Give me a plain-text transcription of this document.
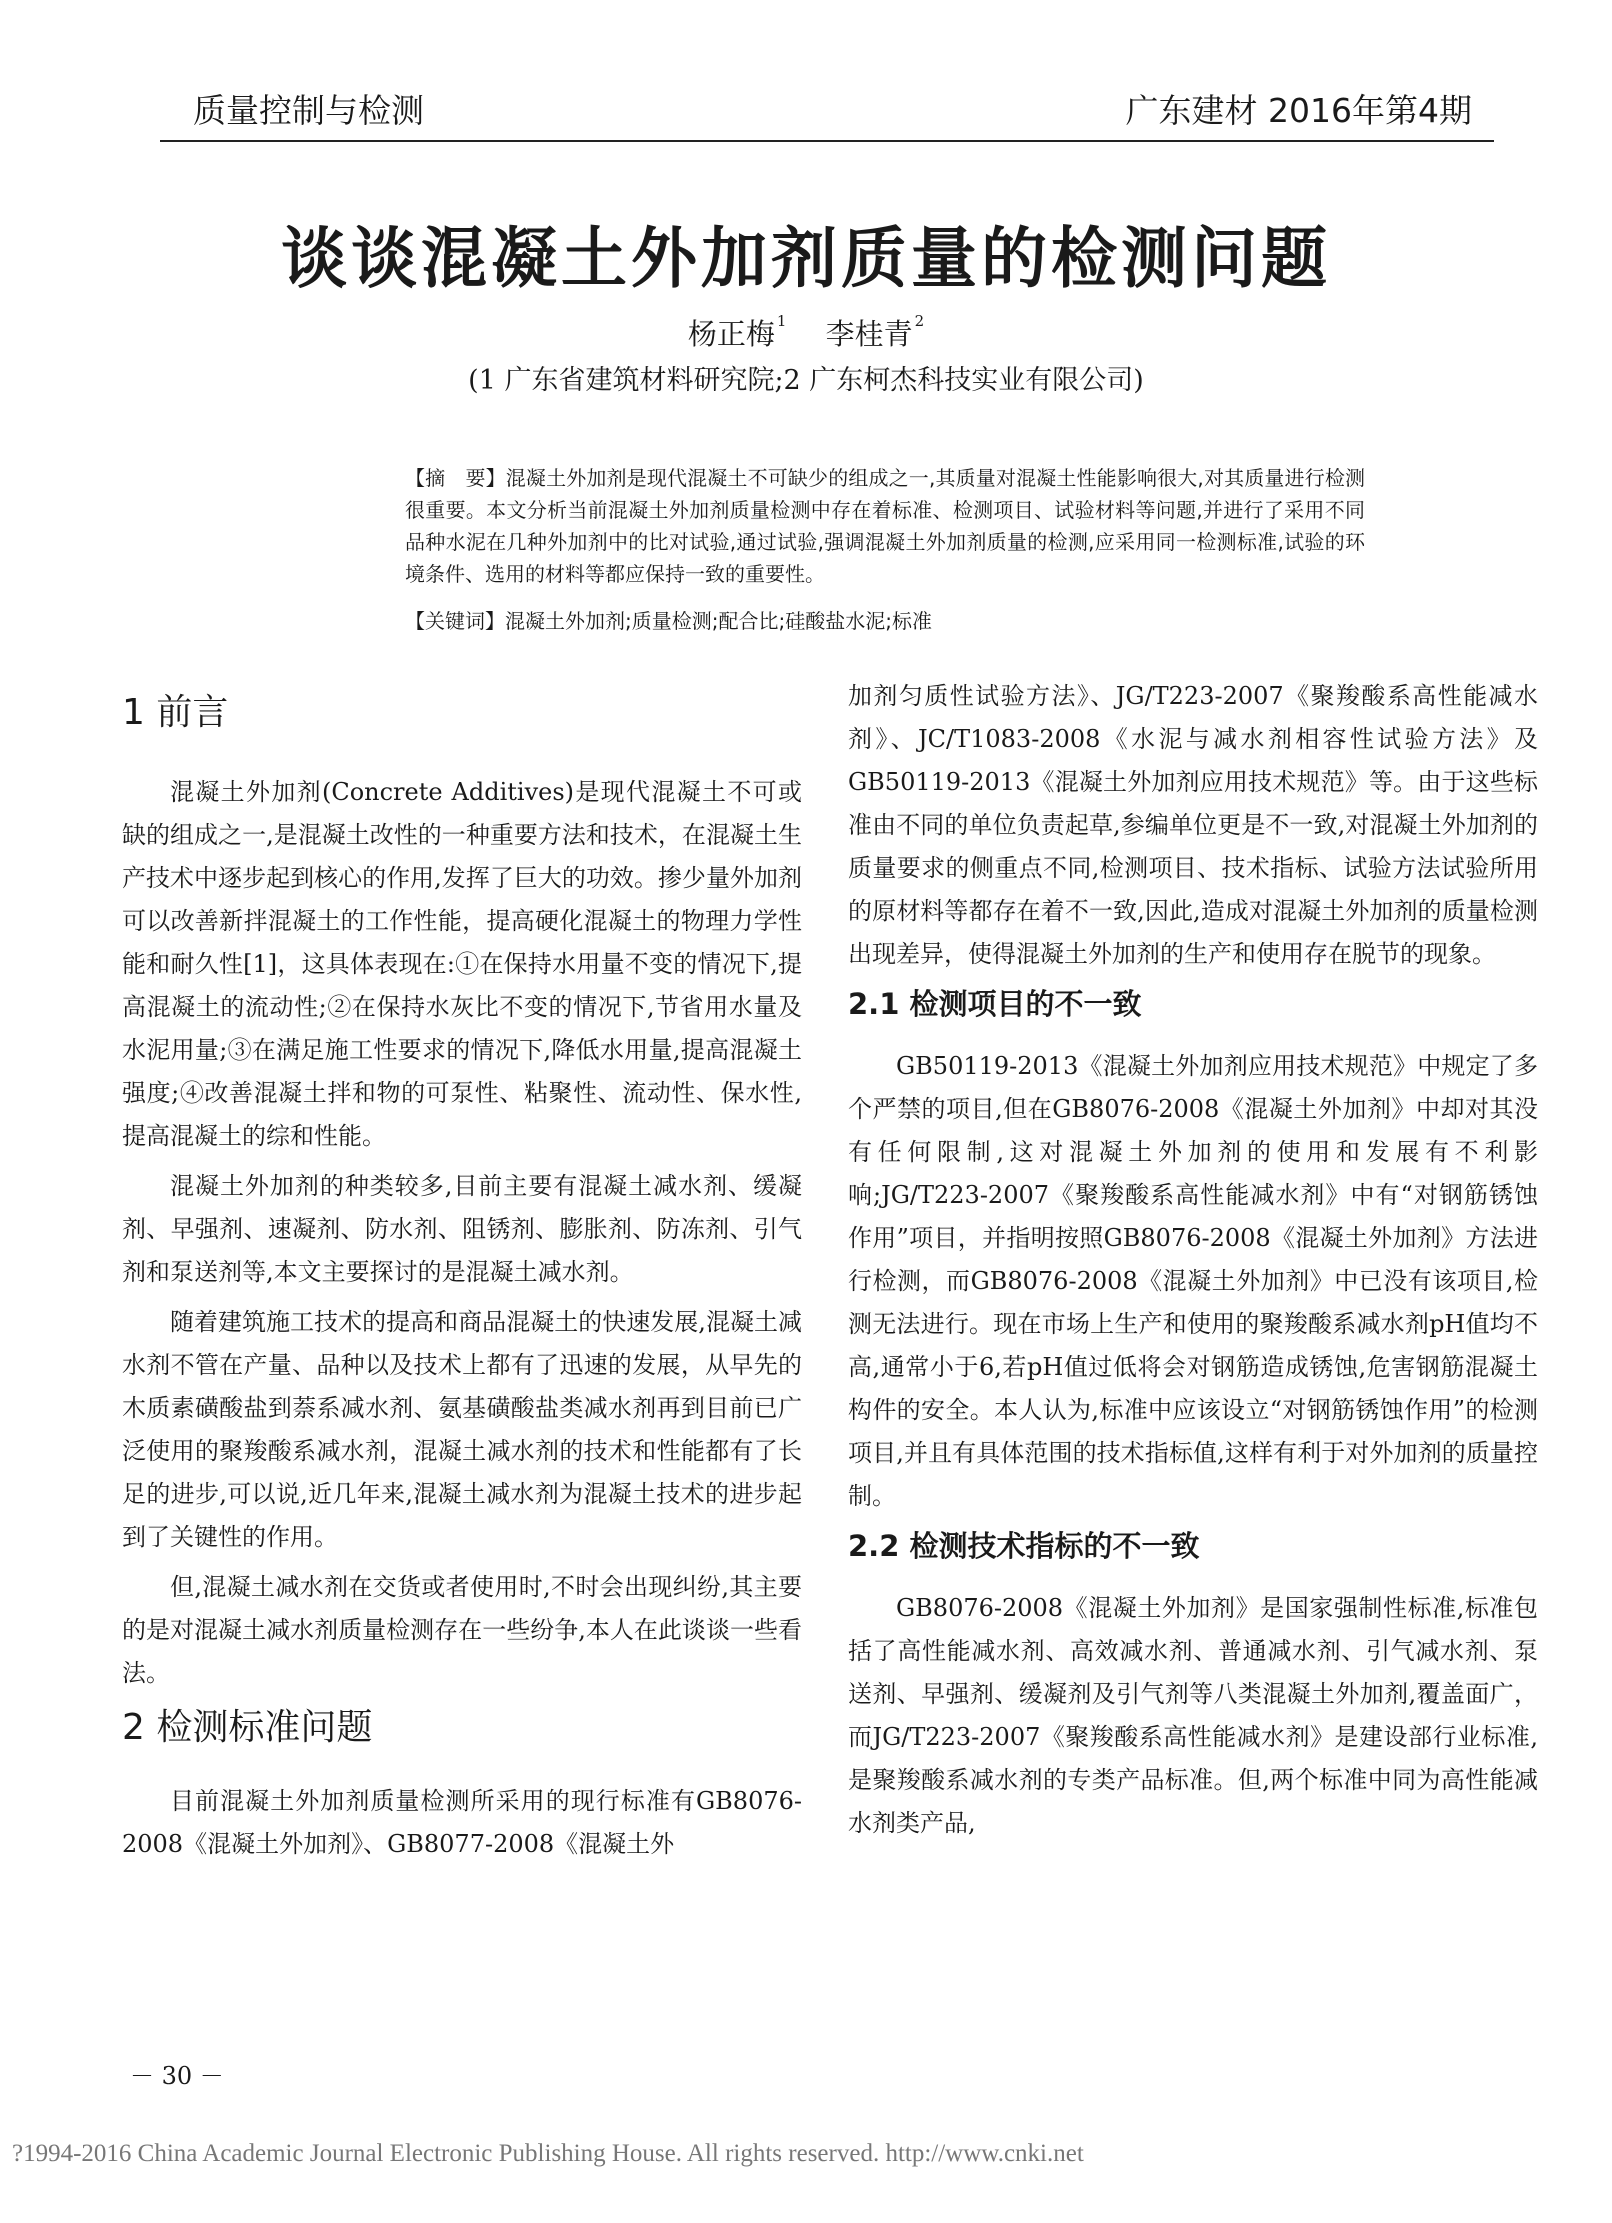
质量控制与检测	广东建材 2016年第4期
谈谈混凝土外加剂质量的检测问题
杨正梅 $^1$ 李桂青 $^2$
(1 广东省建筑材料研究院;2 广东柯杰科技实业有限公司)
【摘　要】混凝土外加剂是现代混凝土不可缺少的组成之一,其质量对混凝土性能影响很大,对其质量进行检测很重要。本文分析当前混凝土外加剂质量检测中存在着标准、检测项目、试验材料等问题,并进行了采用不同品种水泥在几种外加剂中的比对试验,通过试验,强调混凝土外加剂质量的检测,应采用同一检测标准,试验的环境条件、选用的材料等都应保持一致的重要性。
【关键词】混凝土外加剂;质量检测;配合比;硅酸盐水泥;标准
1 前言

混凝土外加剂(Concrete Additives)是现代混凝土不可或缺的组成之一,是混凝土改性的一种重要方法和技术，在混凝土生产技术中逐步起到核心的作用,发挥了巨大的功效。掺少量外加剂可以改善新拌混凝土的工作性能，提高硬化混凝土的物理力学性能和耐久性[1]，这具体表现在:①在保持水用量不变的情况下,提高混凝土的流动性;②在保持水灰比不变的情况下,节省用水量及水泥用量;③在满足施工性要求的情况下,降低水用量,提高混凝土强度;④改善混凝土拌和物的可泵性、粘聚性、流动性、保水性,提高混凝土的综和性能。

混凝土外加剂的种类较多,目前主要有混凝土减水剂、缓凝剂、早强剂、速凝剂、防水剂、阻锈剂、膨胀剂、防冻剂、引气剂和泵送剂等,本文主要探讨的是混凝土减水剂。

随着建筑施工技术的提高和商品混凝土的快速发展,混凝土减水剂不管在产量、品种以及技术上都有了迅速的发展，从早先的木质素磺酸盐到萘系减水剂、氨基磺酸盐类减水剂再到目前已广泛使用的聚羧酸系减水剂，混凝土减水剂的技术和性能都有了长足的进步,可以说,近几年来,混凝土减水剂为混凝土技术的进步起到了关键性的作用。

但,混凝土减水剂在交货或者使用时,不时会出现纠纷,其主要的是对混凝土减水剂质量检测存在一些纷争,本人在此谈谈一些看法。

2 检测标准问题

目前混凝土外加剂质量检测所采用的现行标准有GB8076-2008《混凝土外加剂》、GB8077-2008《混凝土外

加剂匀质性试验方法》、JG/T223-2007《聚羧酸系高性能减水剂》、JC/T1083-2008《水泥与减水剂相容性试验方法》及GB50119-2013《混凝土外加剂应用技术规范》等。由于这些标准由不同的单位负责起草,参编单位更是不一致,对混凝土外加剂的质量要求的侧重点不同,检测项目、技术指标、试验方法试验所用的原材料等都存在着不一致,因此,造成对混凝土外加剂的质量检测出现差异，使得混凝土外加剂的生产和使用存在脱节的现象。

2.1 检测项目的不一致

GB50119-2013《混凝土外加剂应用技术规范》中规定了多个严禁的项目,但在GB8076-2008《混凝土外加剂》中却对其没有任何限制,这对混凝土外加剂的使用和发展有不利影响;JG/T223-2007《聚羧酸系高性能减水剂》中有“对钢筋锈蚀作用”项目，并指明按照GB8076-2008《混凝土外加剂》方法进行检测，而GB8076-2008《混凝土外加剂》中已没有该项目,检测无法进行。现在市场上生产和使用的聚羧酸系减水剂pH值均不高,通常小于6,若pH值过低将会对钢筋造成锈蚀,危害钢筋混凝土构件的安全。本人认为,标准中应该设立“对钢筋锈蚀作用”的检测项目,并且有具体范围的技术指标值,这样有利于对外加剂的质量控制。

2.2 检测技术指标的不一致

GB8076-2008《混凝土外加剂》是国家强制性标准,标准包括了高性能减水剂、高效减水剂、普通减水剂、引气减水剂、泵送剂、早强剂、缓凝剂及引气剂等八类混凝土外加剂,覆盖面广，而JG/T223-2007《聚羧酸系高性能减水剂》是建设部行业标准,是聚羧酸系减水剂的专类产品标准。但,两个标准中同为高性能减水剂类产品,

－ 30 －
?1994-2016 China Academic Journal Electronic Publishing House. All rights reserved. http://www.cnki.net
